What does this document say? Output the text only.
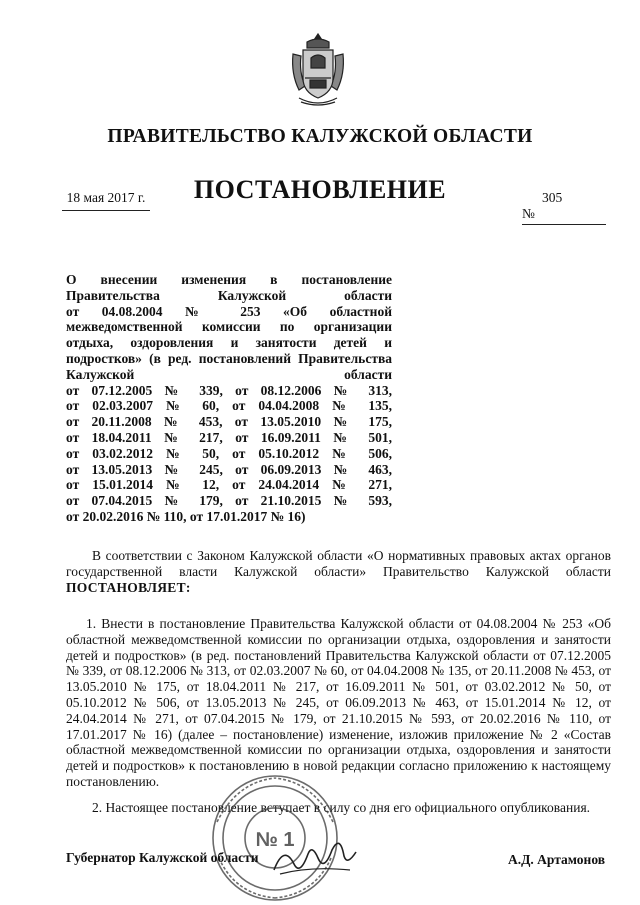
ПРАВИТЕЛЬСТВО КАЛУЖСКОЙ ОБЛАСТИ
18 мая 2017 г.	ПОСТАНОВЛЕНИЕ	305
№
О внесении изменения в постановление
Правительства Калужской области
от 04.08.2004 № 253 «Об областной
межведомственной комиссии по организации
отдыха, оздоровления и занятости детей и
подростков» (в ред. постановлений Правительства
Калужской области
от 07.12.2005 № 339, от 08.12.2006 № 313,
от 02.03.2007 № 60, от 04.04.2008 № 135,
от 20.11.2008 № 453, от 13.05.2010 № 175,
от 18.04.2011 № 217, от 16.09.2011 № 501,
от 03.02.2012 № 50, от 05.10.2012 № 506,
от 13.05.2013 № 245, от 06.09.2013 № 463,
от 15.01.2014 № 12, от 24.04.2014 № 271,
от 07.04.2015 № 179, от 21.10.2015 № 593,
от 20.02.2016 № 110, от 17.01.2017 № 16)
В соответствии с Законом Калужской области «О нормативных правовых актах органов государственной власти Калужской области» Правительство Калужской области ПОСТАНОВЛЯЕТ:
1. Внести в постановление Правительства Калужской области от 04.08.2004 № 253 «Об областной межведомственной комиссии по организации отдыха, оздоровления и занятости детей и подростков» (в ред. постановлений Правительства Калужской области от 07.12.2005 № 339, от 08.12.2006 № 313, от 02.03.2007 № 60, от 04.04.2008 № 135, от 20.11.2008 № 453, от 13.05.2010 № 175, от 18.04.2011 № 217, от 16.09.2011 № 501, от 03.02.2012 № 50, от 05.10.2012 № 506, от 13.05.2013 № 245, от 06.09.2013 № 463, от 15.01.2014 № 12, от 24.04.2014 № 271, от 07.04.2015 № 179, от 21.10.2015 № 593, от 20.02.2016 № 110, от 17.01.2017 № 16) (далее – постановление) изменение, изложив приложение № 2 «Состав областной межведомственной комиссии по организации отдыха, оздоровления и занятости детей и подростков» к постановлению в новой редакции согласно приложению к настоящему постановлению.
2. Настоящее постановление вступает в силу со дня его официального опубликования.
№ 1
Губернатор Калужской области	А.Д. Артамонов
